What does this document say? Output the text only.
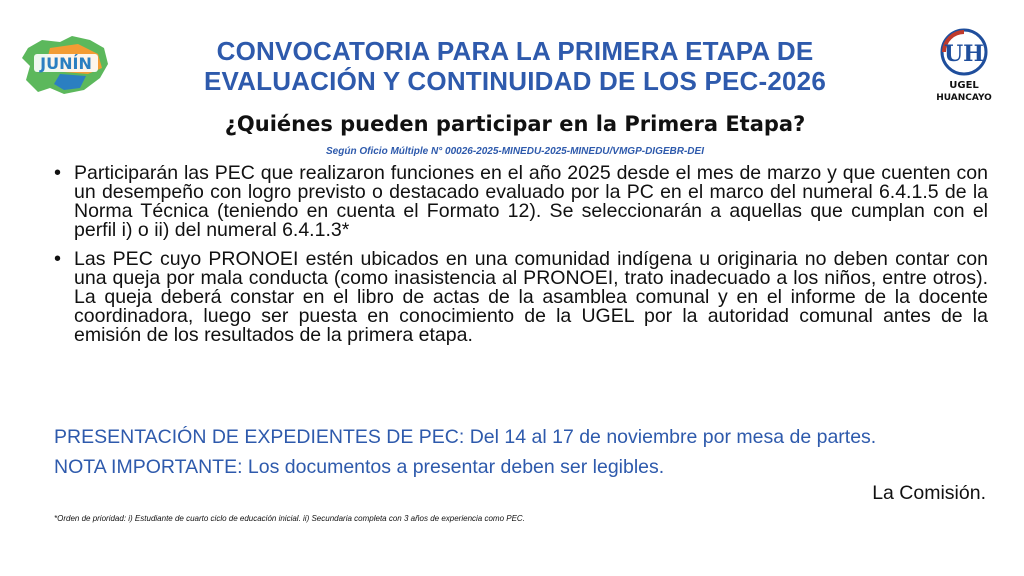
JUNÍN	UH
UGEL
HUANCAYO
CONVOCATORIA PARA LA PRIMERA ETAPA DE
EVALUACIÓN Y CONTINUIDAD DE LOS PEC-2026
¿Quiénes pueden participar en la Primera Etapa?
Según Oficio Múltiple N° 00026-2025-MINEDU-2025-MINEDU/VMGP-DIGEBR-DEI
• Participarán las PEC que realizaron funciones en el año 2025 desde el mes de marzo y que cuenten con un desempeño con logro previsto o destacado evaluado por la PC en el marco del numeral 6.4.1.5 de la Norma Técnica (teniendo en cuenta el Formato 12). Se seleccionarán a aquellas que cumplan con el perfil i) o ii) del numeral 6.4.1.3*
• Las PEC cuyo PRONOEI estén ubicados en una comunidad indígena u originaria no deben contar con una queja por mala conducta (como inasistencia al PRONOEI, trato inadecuado a los niños, entre otros). La queja deberá constar en el libro de actas de la asamblea comunal y en el informe de la docente coordinadora, luego ser puesta en conocimiento de la UGEL por la autoridad comunal antes de la emisión de los resultados de la primera etapa.
PRESENTACIÓN DE EXPEDIENTES DE PEC: Del 14 al 17 de noviembre por mesa de partes.
NOTA IMPORTANTE: Los documentos a presentar deben ser legibles.
La Comisión.
*Orden de prioridad: i) Estudiante de cuarto ciclo de educación inicial. ii) Secundaria completa con 3 años de experiencia como PEC.
